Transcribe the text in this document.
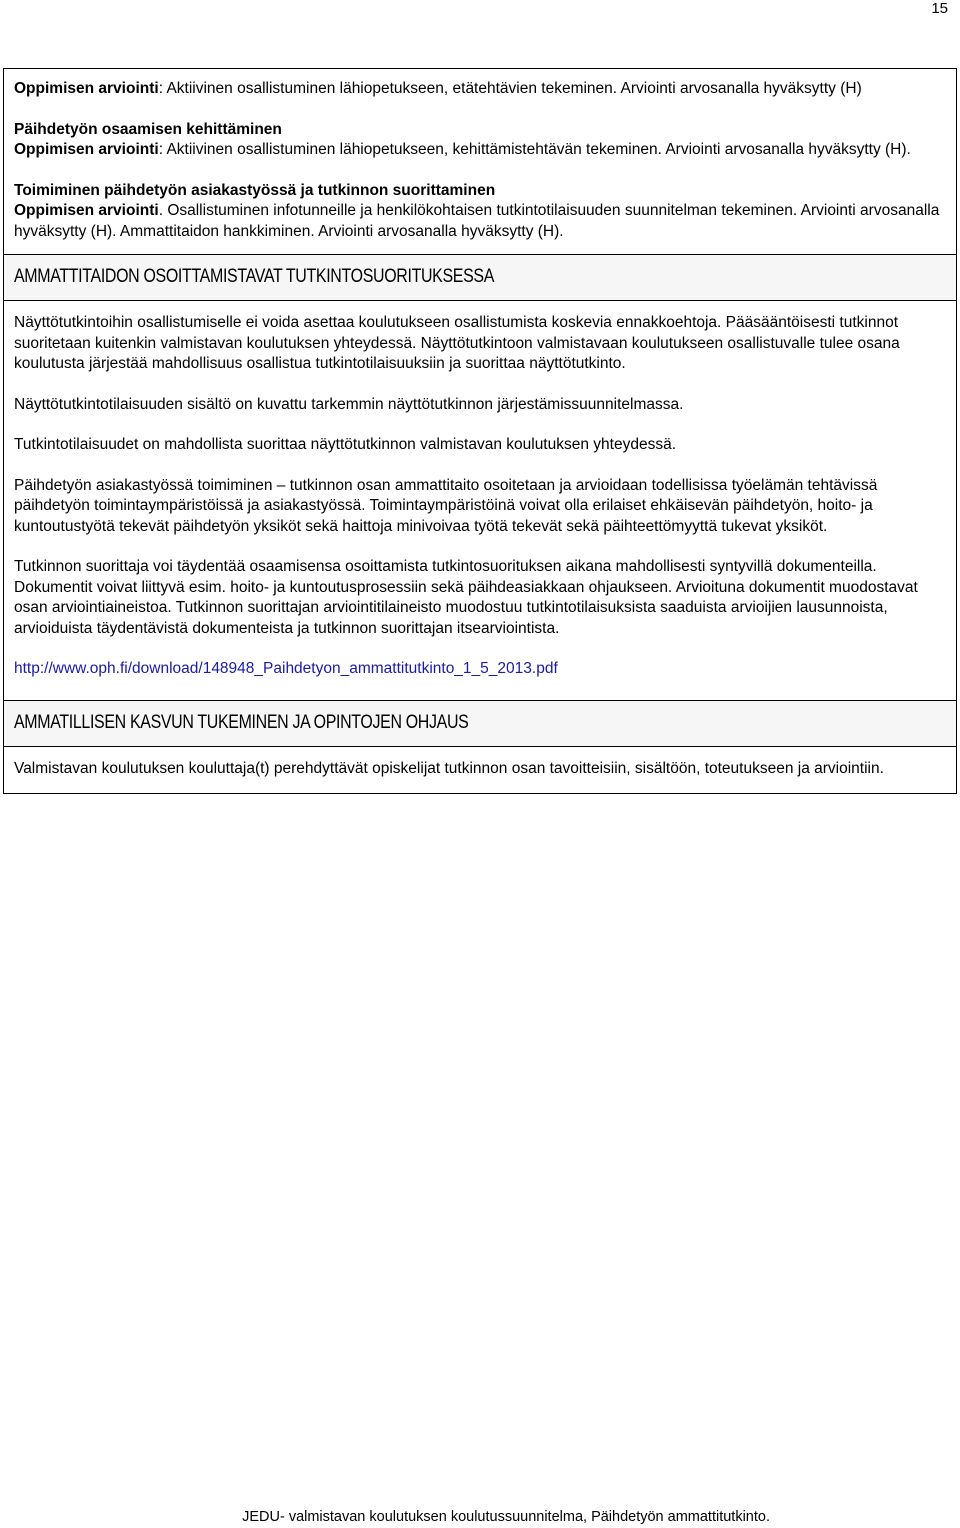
15

Oppimisen arviointi: Aktiivinen osallistuminen lähiopetukseen, etätehtävien tekeminen. Arviointi arvosanalla hyväksytty (H)

Päihdetyön osaamisen kehittäminen

Oppimisen arviointi: Aktiivinen osallistuminen lähiopetukseen, kehittämistehtävän tekeminen. Arviointi arvosanalla hyväksytty (H).

Toimiminen päihdetyön asiakastyössä ja tutkinnon suorittaminen

Oppimisen arviointi. Osallistuminen infotunneille ja henkilökohtaisen tutkintotilaisuuden suunnitelman tekeminen. Arviointi arvosanalla hyväksytty (H). Ammattitaidon hankkiminen. Arviointi arvosanalla hyväksytty (H).

AMMATTITAIDON OSOITTAMISTAVAT TUTKINTOSUORITUKSESSA

Näyttötutkintoihin osallistumiselle ei voida asettaa koulutukseen osallistumista koskevia ennakkoehtoja. Pääsääntöisesti tutkinnot suoritetaan kuitenkin valmistavan koulutuksen yhteydessä. Näyttötutkintoon valmistavaan koulutukseen osallistuvalle tulee osana koulutusta järjestää mahdollisuus osallistua tutkintotilaisuuksiin ja suorittaa näyttötutkinto.

Näyttötutkintotilaisuuden sisältö on kuvattu tarkemmin näyttötutkinnon järjestämissuunnitelmassa.

Tutkintotilaisuudet on mahdollista suorittaa näyttötutkinnon valmistavan koulutuksen yhteydessä.

Päihdetyön asiakastyössä toimiminen – tutkinnon osan ammattitaito osoitetaan ja arvioidaan todellisissa työelämän tehtävissä päihdetyön toimintaympäristöissä ja asiakastyössä. Toimintaympäristöinä voivat olla erilaiset ehkäisevän päihdetyön, hoito- ja kuntoutustyötä tekevät päihdetyön yksiköt sekä haittoja minivoivaa työtä tekevät sekä päihteettömyyttä tukevat yksiköt.

Tutkinnon suorittaja voi täydentää osaamisensa osoittamista tutkintosuorituksen aikana mahdollisesti syntyvillä dokumenteilla. Dokumentit voivat liittyvä esim. hoito- ja kuntoutusprosessiin sekä päihdeasiakkaan ohjaukseen. Arvioituna dokumentit muodostavat osan arviointiaineistoa. Tutkinnon suorittajan arviointitilaineisto muodostuu tutkintotilaisuksista saaduista arvioijien lausunnoista, arvioiduista täydentävistä dokumenteista ja tutkinnon suorittajan itsearviointista.

http://www.oph.fi/download/148948_Paihdetyon_ammattitutkinto_1_5_2013.pdf

AMMATILLISEN KASVUN TUKEMINEN JA OPINTOJEN OHJAUS

Valmistavan koulutuksen kouluttaja(t) perehdyttävät opiskelijat tutkinnon osan tavoitteisiin, sisältöön, toteutukseen ja arviointiin.

JEDU- valmistavan koulutuksen koulutussuunnitelma, Päihdetyön ammattitutkinto.
